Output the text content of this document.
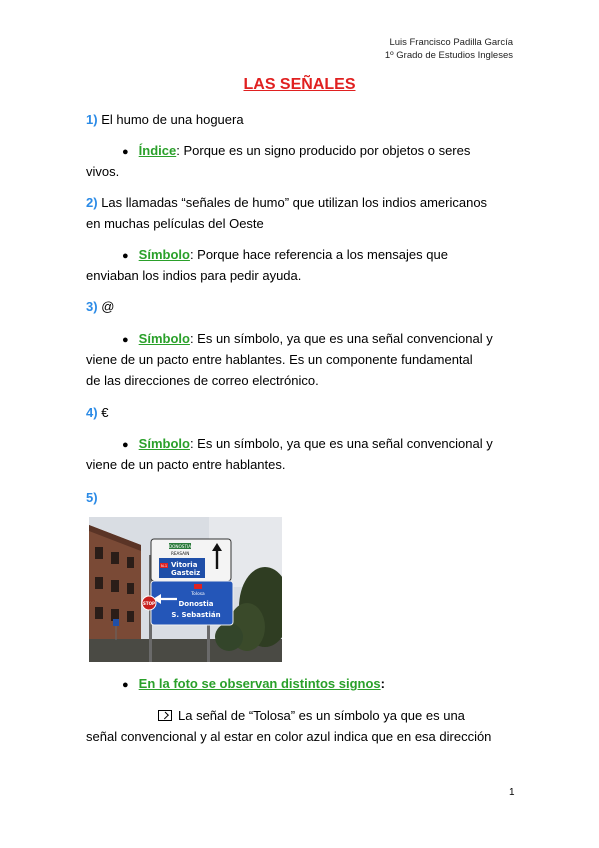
Luis Francisco Padilla García
1º Grado de Estudios Ingleses
LAS SEÑALES
1) El humo de una hoguera
● Índice: Porque es un signo producido por objetos o seres
vivos.
2) Las llamadas “señales de humo” que utilizan los indios americanos
en muchas películas del Oeste
● Símbolo: Porque hace referencia a los mensajes que
enviaban los indios para pedir ayuda.
3) @
● Símbolo: Es un símbolo, ya que es una señal convencional y
viene de un pacto entre hablantes. Es un componente fundamental
de las direcciones de correo electrónico.
4) €
● Símbolo: Es un símbolo, ya que es una señal convencional y
viene de un pacto entre hablantes.
5)
DONOSTIA
REASAIN
N-1 Vitoria
Gasteiz
Tolosa
Donostia
S. Sebastián
STOP
● En la foto se observan distintos signos:
La señal de “Tolosa” es un símbolo ya que es una
señal convencional y al estar en color azul indica que en esa dirección
1
